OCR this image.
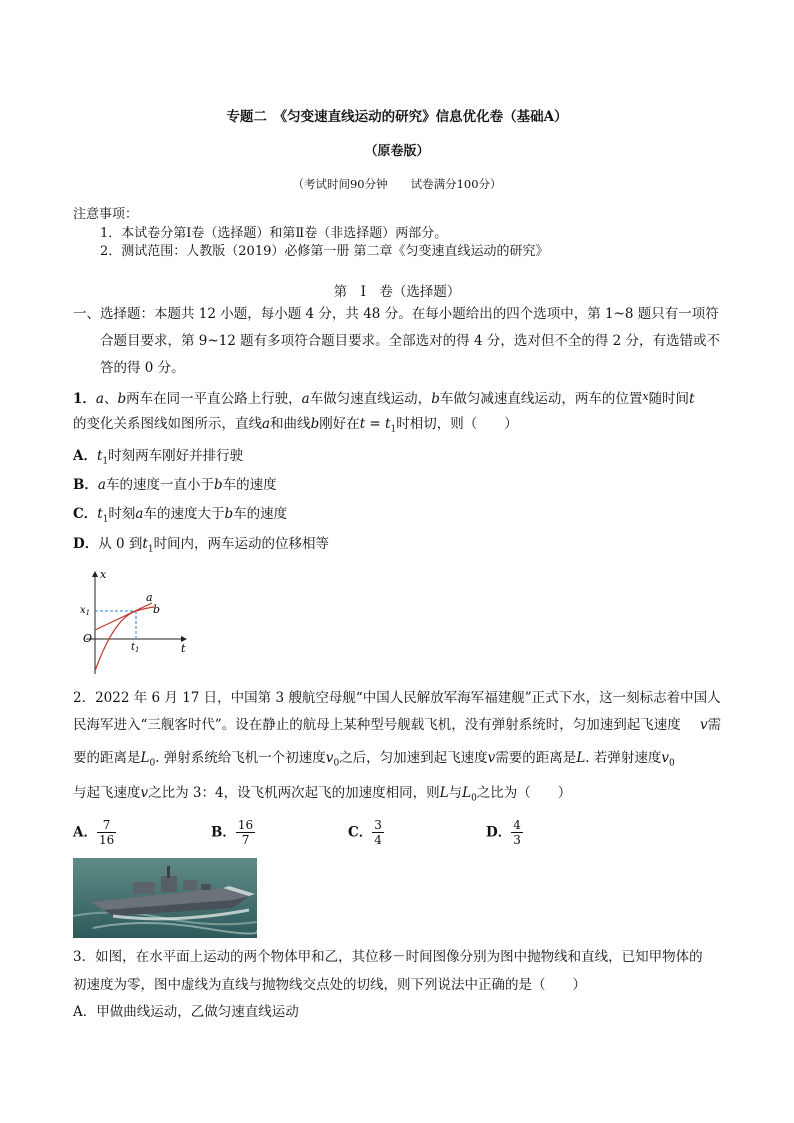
专题二　《匀变速直线运动的研究》信息优化卷（基础A）
（原卷版）
（考试时间90分钟　　试卷满分100分）
注意事项：
1．本试卷分第Ⅰ卷（选择题）和第Ⅱ卷（非选择题）两部分。
2．测试范围：人教版（2019）必修第一册 第二章《匀变速直线运动的研究》
第　Ⅰ　卷（选择题）
一、选择题：本题共 12 小题，每小题 4 分，共 48 分。在每小题给出的四个选项中，第 1~8 题只有一项符
合题目要求，第 9~12 题有多项符合题目要求。全部选对的得 4 分，选对但不全的得 2 分，有选错或不
答的得 0 分。
1．a、b两车在同一平直公路上行驶，a车做匀速直线运动，b车做匀减速直线运动，两车的位置$^x$随时间t
的变化关系图线如图所示，直线a和曲线b刚好在$t = t_1$时相切，则（　　）
A．$t_1$时刻两车刚好并排行驶
B．a车的速度一直小于b车的速度
C．$t_1$时刻a车的速度大于b车的速度
D．从 0 到$t_1$时间内，两车运动的位移相等
x
t
O
$x_1$
$t_1$
a
b
2．2022 年 6 月 17 日，中国第 3 艘航空母舰“中国人民解放军海军福建舰”正式下水，这一刻标志着中国人
民海军进入“三舰客时代”。设在静止的航母上某种型号舰载飞机，没有弹射系统时，匀加速到起飞速度 v需
要的距离是$L_0$. 弹射系统给飞机一个初速度$v_0$之后，匀加速到起飞速度v需要的距离是L. 若弹射速度$v_0$
与起飞速度v之比为 3：4，设飞机两次起飞的加速度相同，则L与$L_0$之比为（　　）
A． $\frac{7}{16}$	B． $\frac{16}{7}$	C． $\frac{3}{4}$	D． $\frac{4}{3}$
3．如图，在水平面上运动的两个物体甲和乙，其位移－时间图像分别为图中抛物线和直线，已知甲物体的
初速度为零，图中虚线为直线与抛物线交点处的切线，则下列说法中正确的是（　　）
A．甲做曲线运动，乙做匀速直线运动
